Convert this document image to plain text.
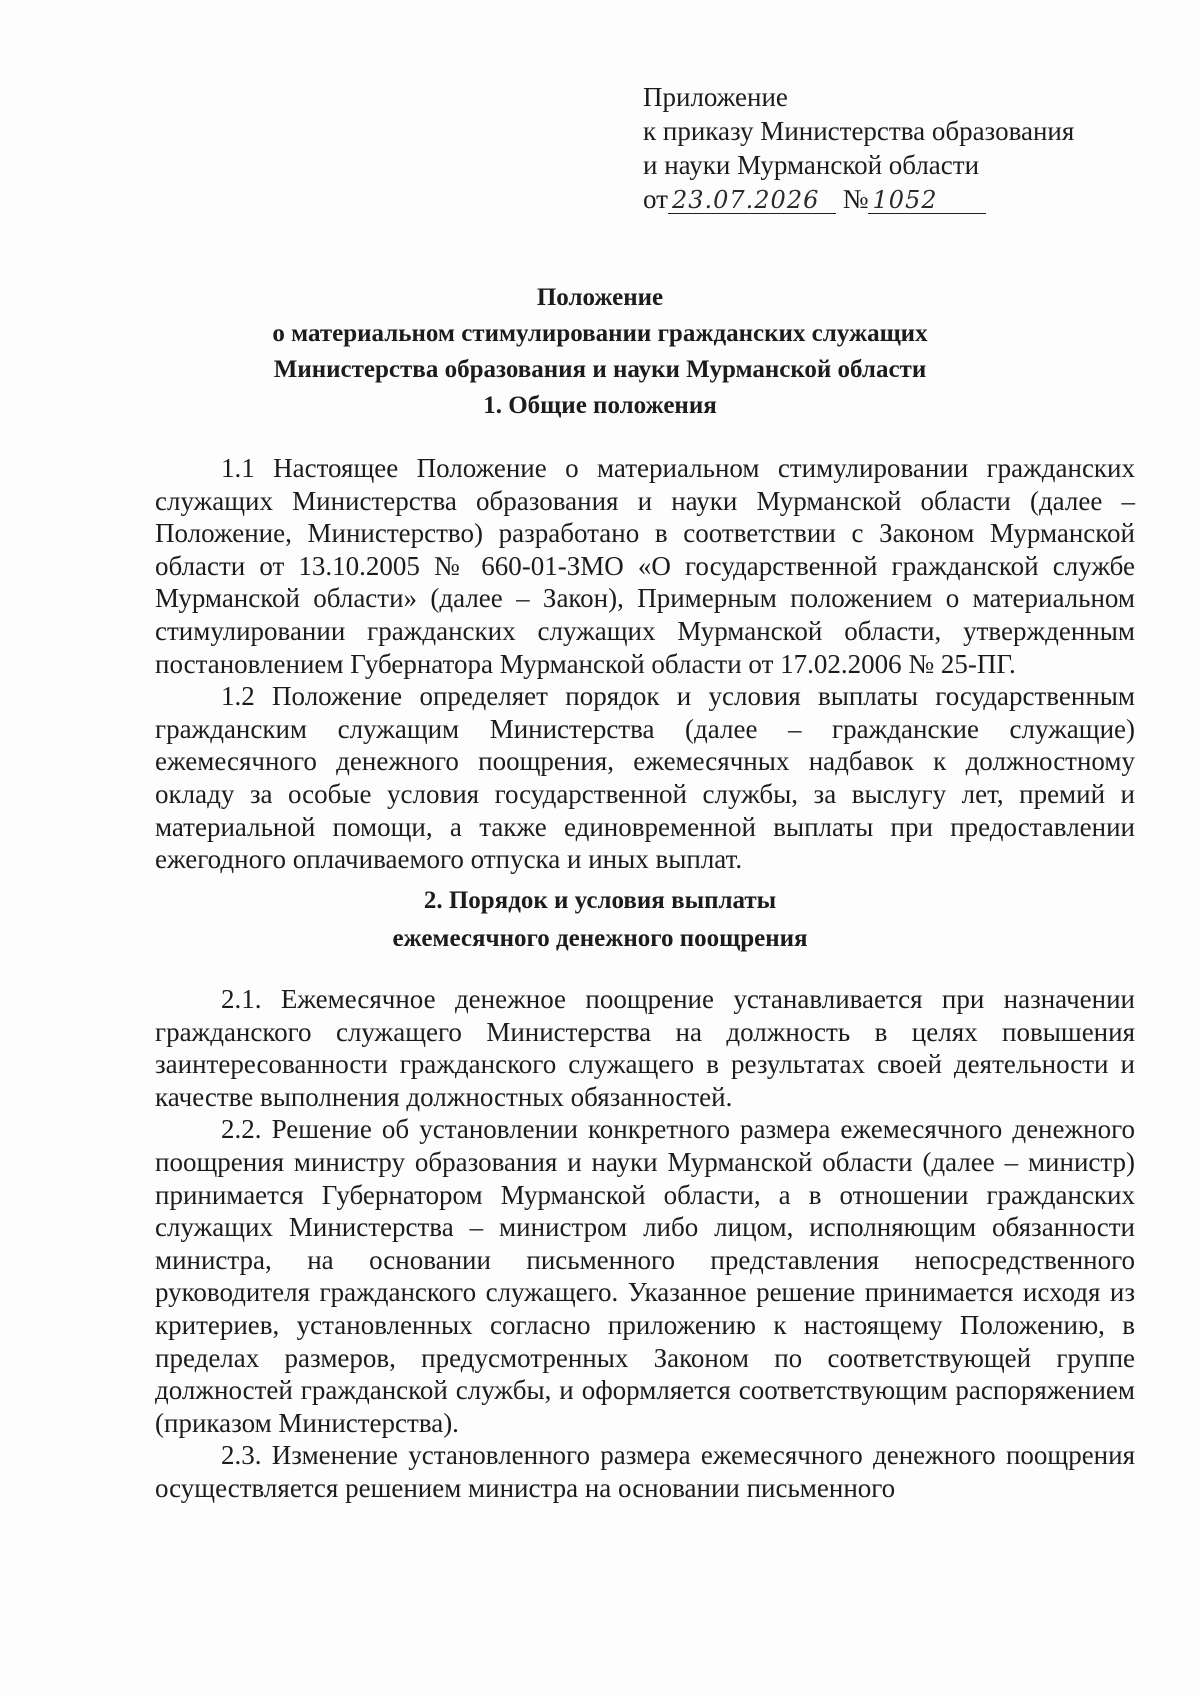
Приложение
к приказу Министерства образования
и науки Мурманской области
от 23.07.2026 № 1052
Положение
о материальном стимулировании гражданских служащих
Министерства образования и науки Мурманской области
1. Общие положения

1.1 Настоящее Положение о материальном стимулировании гражданских служащих Министерства образования и науки Мурманской области (далее – Положение, Министерство) разработано в соответствии с Законом Мурманской области от 13.10.2005 № 660-01-ЗМО «О государственной гражданской службе Мурманской области» (далее – Закон), Примерным положением о материальном стимулировании гражданских служащих Мурманской области, утвержденным постановлением Губернатора Мурманской области от 17.02.2006 № 25-ПГ.

1.2 Положение определяет порядок и условия выплаты государственным гражданским служащим Министерства (далее – гражданские служащие) ежемесячного денежного поощрения, ежемесячных надбавок к должностному окладу за особые условия государственной службы, за выслугу лет, премий и материальной помощи, а также единовременной выплаты при предоставлении ежегодного оплачиваемого отпуска и иных выплат.

2. Порядок и условия выплаты
ежемесячного денежного поощрения

2.1. Ежемесячное денежное поощрение устанавливается при назначении гражданского служащего Министерства на должность в целях повышения заинтересованности гражданского служащего в результатах своей деятельности и качестве выполнения должностных обязанностей.

2.2. Решение об установлении конкретного размера ежемесячного денежного поощрения министру образования и науки Мурманской области (далее – министр) принимается Губернатором Мурманской области, а в отношении гражданских служащих Министерства – министром либо лицом, исполняющим обязанности министра, на основании письменного представления непосредственного руководителя гражданского служащего. Указанное решение принимается исходя из критериев, установленных согласно приложению к настоящему Положению, в пределах размеров, предусмотренных Законом по соответствующей группе должностей гражданской службы, и оформляется соответствующим распоряжением (приказом Министерства).

2.3. Изменение установленного размера ежемесячного денежного поощрения осуществляется решением министра на основании письменного
